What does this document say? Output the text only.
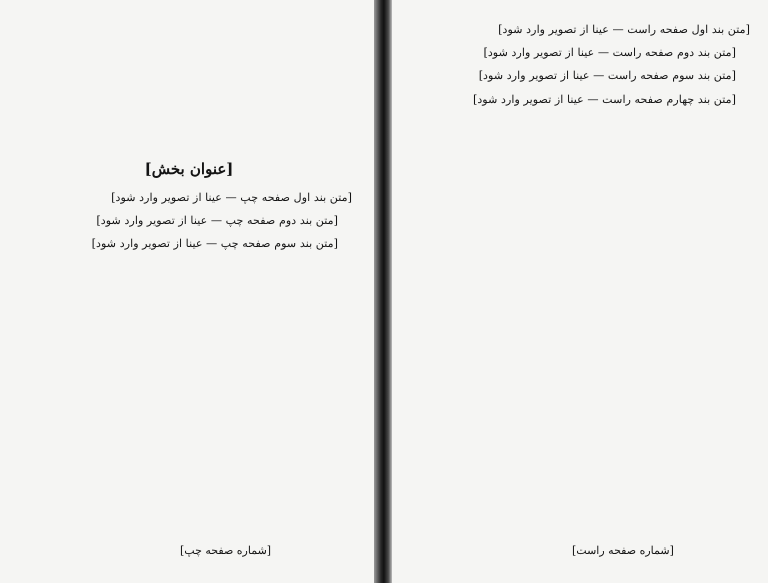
[عنوان بخش]

[متن بند اول صفحه چپ — عینا از تصویر وارد شود]

[متن بند دوم صفحه چپ — عینا از تصویر وارد شود]

[متن بند سوم صفحه چپ — عینا از تصویر وارد شود]

[شماره صفحه چپ]

[متن بند اول صفحه راست — عینا از تصویر وارد شود]

[متن بند دوم صفحه راست — عینا از تصویر وارد شود]

[متن بند سوم صفحه راست — عینا از تصویر وارد شود]

[متن بند چهارم صفحه راست — عینا از تصویر وارد شود]

[شماره صفحه راست]
